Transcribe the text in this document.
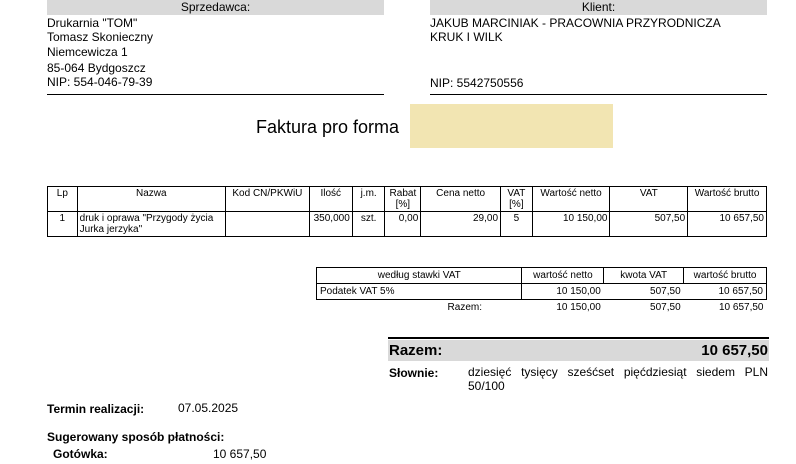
Sprzedawca:
Drukarnia "TOM"
Tomasz Skonieczny
Niemcewicza 1
85-064 Bydgoszcz
NIP: 554-046-79-39
Klient:
JAKUB MARCINIAK - PRACOWNIA PRZYRODNICZA
KRUK I WILK
NIP: 5542750556
Faktura pro forma
Lp	Nazwa	Kod CN/PKWiU	Ilość	j.m.	Rabat [%]	Cena netto	VAT [%]	Wartość netto	VAT	Wartość brutto
1	druk i oprawa "Przygody życia Jurka jerzyka"		350,000	szt.	0,00	29,00	5	10 150,00	507,50	10 657,50
według stawki VAT	wartość netto	kwota VAT	wartość brutto
Podatek VAT 5%	10 150,00	507,50	10 657,50
Razem:	10 150,00	507,50	10 657,50
Razem:	10 657,50
Słownie: dziesięć tysięcy sześćset pięćdziesiąt siedem PLN 50/100
Termin realizacji:	07.05.2025
Sugerowany sposób płatności:
Gotówka:	10 657,50
